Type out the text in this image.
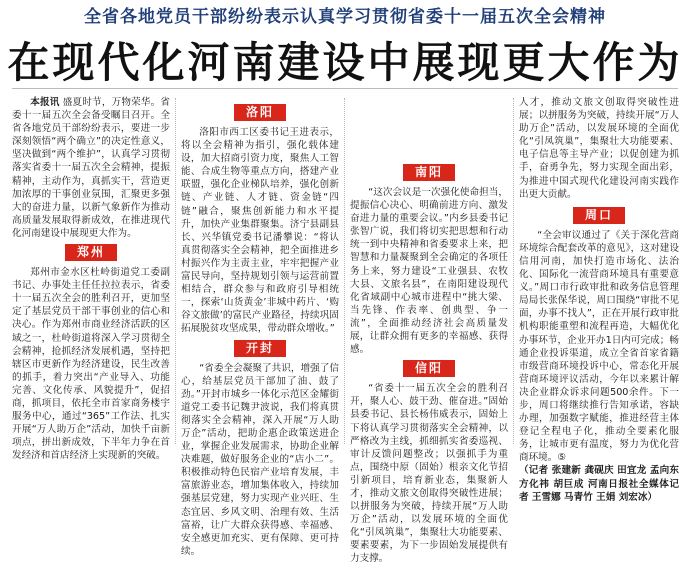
全省各地党员干部纷纷表示认真学习贯彻省委十一届五次全会精神
在现代化河南建设中展现更大作为

本报讯 盛夏时节，万物荣华。省委十一届五次全会备受瞩目召开。全省各地党员干部纷纷表示，要进一步深刻领悟“两个确立”的决定性意义，坚决做到“两个维护”，认真学习贯彻落实省委十一届五次全会精神，提振精神，主动作为，真抓实干，营造更加浓厚的干事创业氛围，汇聚更多强大的奋进力量，以新气象新作为推动高质量发展取得新成效，在推进现代化河南建设中展现更大作为。

郑州

郑州市金水区杜岭街道党工委副书记、办事处主任任拉拉表示，省委十一届五次全会的胜利召开，更加坚定了基层党员干部干事创业的信心和决心。作为郑州市商业经济活跃的区域之一，杜岭街道将深入学习贯彻全会精神，抢抓经济发展机遇，坚持把辖区市更新作为经济建设，民生改善的抓手，着力突出“产业导入、功能完善、文化传承、风貌提升”，促招商，抓项目，依托全市首家商务楼宇服务中心，通过“365”工作法、扎实开展“万人助万企”活动，加快千亩新项点，拼出新成效，下半年力争在首发经济和首店经济上实现新的突破。

洛阳

洛阳市西工区委书记王进表示，将以全会精神为指引，强化载体建设，加大招商引资力度，聚焦人工智能、合成生物等重点方向，搭建产业联盟，强化企业梯队培养，强化创新链、产业链、人才链、资金链“四链”融合，聚焦创新能力和水平提升，加快产业集群聚集。济宁县副县长、兴华镇党委书记潘攀说：“将认真贯彻落实全会精神，把全面推进乡村振兴作为主责主业，牢牢把握产业富民导向，坚持规划引领与运营前置相结合，群众参与和政府引导相统一，探索‘山货黄金’非城中药片、‘购谷文旅做’的富民产业路径，持续巩固拓展脱贫攻坚成果，带动群众增收。”

开封

“省委全会凝聚了共识，增强了信心，给基层党员干部加了油、鼓了劲。”开封市城乡一体化示范区金耀街道党工委书记魏尹波说，我们将真贯彻落实全会精神，深入开展“万人助万企”活动，把助企惠企政策送进企业，掌握企业发展需求，协助企业解决难题，做好服务企业的“店小二”。积极推动特色民宿产业培育发展，丰富旅游业态，增加集体收入，持续加强基层党建，努力实现产业兴旺、生态宜居、乡风文明、治理有效、生活富裕，让广大群众获得感、幸福感、安全感更加充实、更有保障、更可持续。

南阳

“这次会议是一次强化使命担当，提振信心决心、明确前进方向、激发奋进力量的重要会议。”内乡县委书记张智广说，我们将切实把思想和行动统一到中央精神和省委要求上来，把智慧和力量凝聚到全会确定的各项任务上来，努力建设“工业强县、农牧大县、文旅名县”，在南阳建设现代化省域副中心城市进程中“挑大梁、当先锋、作表率、创典型、争一流”，全面推动经济社会高质量发展，让群众拥有更多的幸福感、获得感。

信阳

“省委十一届五次全会的胜利召开，聚人心、鼓干劲、催奋进。”固始县委书记、县长杨伟威表示，固始上下将认真学习贯彻落实全会精神，以严格改为主线，抓细抓实省委巡视、审计反馈问题整改；以强抓手为重点，围绕中原（固始）根亲文化节招引新项目，培育新业态，集聚新人才，推动文旅文创取得突破性进展；以拼服务为突破，持续开展“万人助万企”活动，以发展环境的全面优化“引凤筑巢”，集聚壮大功能要素、要素要素，为下一步固始发展提供有力支撑。

人才，推动文旅文创取得突破性进展；以拼服务为突破，持续开展“万人助万企”活动，以发展环境的全面优化“引凤筑巢”，集聚壮大功能要素、电子信息等主导产业；以促创建为抓手，奋勇争先，努力实现全面出彩，为推进中国式现代化建设河南实践作出更大贡献。

周口

“全会审议通过了《关于深化营商环境综合配套改革的意见》，这对建设信用河南，加快打造市场化、法治化、国际化一流营商环境具有重要意义。”周口市行政审批和政务信息管理局局长张保华说，周口围绕“审批不见面，办事不找人”，正在开展行政审批机构职能重塑和流程再造，大幅优化办事环节，企业开办1日内可完成；畅通企业投诉渠道，成立全省首家省籍市级营商环境投诉中心，常态化开展营商环境评议活动，今年以来累计解决企业群众诉求问题500余件。下一步，周口将继续推行告知承诺，容缺办理，加强数字赋能，推进经营主体登记全程电子化，推动全要素化服务，让城市更有温度，努力为优化营商环境。⑤

（记者 张建新 龚砚庆 田宜龙 孟向东 方化祎 胡巨成 河南日报社全媒体记者 王雪娜 马青竹 王娟 刘宏冰）
